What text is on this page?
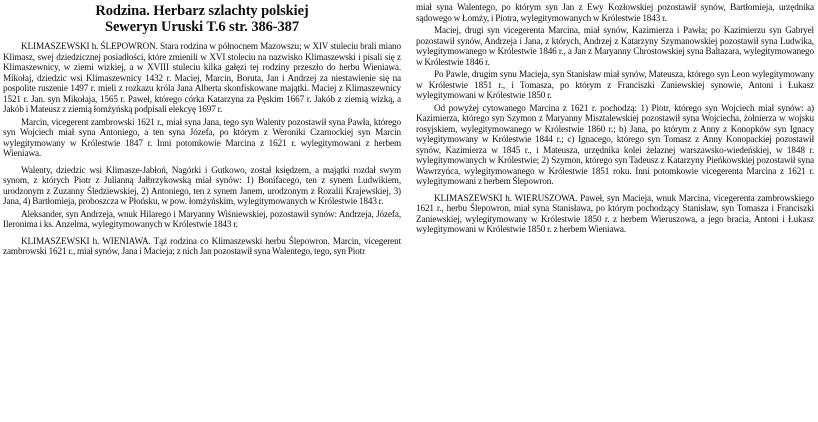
Rodzina. Herbarz szlachty polskiej
Seweryn Uruski T.6 str. 386-387

KLIMASZEWSKI h. ŚLEPOWRON. Stara rodzina w północnem Mazowszu; w XIV stuleciu brali miano Klimasz, swej dziedzicznej posiadłości, które zmienili w XVI stoleciu na nazwisko Klimaszewski i pisali się z Klimaszewnicy, w ziemi wizkiej, a w XVIII stuleciu kilka gałęzi tej rodziny przeszło do herbu Wieniawa. Mikołaj, dziedzic wsi Klimaszewnicy 1432 r. Maciej, Marcin, Boruta, Jan i Andrzej za niestawienie się na pospolite ruszenie 1497 r. mieli z rozkazu króla Jana Alberta skonfiskowane majątki. Maciej z Klimaszewnicy 1521 r. Jan. syn Mikołaja, 1565 r. Paweł, którego córka Katarzyna za Pęskim 1667 r. Jakób z ziemią wizką, a Jakób i Mateusz z ziemią łomżyńską podpisali elekcyę 1697 r.

Marcin, vicegerent zambrowski 1621 r., miał syna Jana, tego syn Walenty pozostawił syna Pawła, którego syn Wojciech miał syna Antoniego, a ten syna Józefa, po którym z Weroniki Czarnockiej syn Marcin wylegitymowany w Królestwie 1847 r. Inni potomkowie Marcina z 1621 r. wylegitymowani z herbem Wieniawa.

Walenty, dziedzic wsi Klimasze-Jabłoń, Nagórki i Gutkowo, został księdzem, a majątki rozdał swym synom, z których Piotr z Julianną Jałbrzykowską miał synów: 1) Bonifacego, ten z synem Ludwikiem, urodzonym z Zuzanny Śledziewskiej, 2) Antoniego, ten z synem Janem, urodzonym z Rozalii Krajewskiej, 3) Jana, 4) Bartłomieja, proboszcza w Płońsku, w pow. łomżyńskim, wylegitymowanych w Królestwie 1843 r.

Aleksander, syn Andrzeja, wnuk Hilarego i Maryanny Wiśniewskiej, pozostawił synów: Andrzeja, Józefa, Ileronima i ks. Anzelma, wylegitymowanych w Królestwie 1843 r.

KLIMASZEWSKI h. WIENIAWA. Tąż rodzina co Klimaszewski herbu Ślepowron. Marcin, vicegerent zambrowski 1621 r., miał synów, Jana i Macieja; z nich Jan pozostawił syna Walentego, tego, syn Piotr

miał syna Walentego, po którym syn Jan z Ewy Kozłowskiej pozostawił synów, Bartłomieja, urzędnika sądowego w Łomży, i Piotra, wylegitymowanych w Królestwie 1843 r.

Maciej, drugi syn vicegerenta Marcina, miał synów, Kazimierza i Pawła; po Kazimierzu syn Gabryel pozostawił synów, Andrzeja i Jana, z których, Andrzej z Katarzyny Szymanowskiej pozostawił syna Ludwika, wylegitymowanego w Królestwie 1846 r., a Jan z Maryanny Chrostowskiej syna Baltazara, wylegitymowanego w Królestwie 1846 r.

Po Pawle, drugim synu Macieja, syn Stanisław miał synów, Mateusza, którego syn Leon wylegitymowany w Królestwie 1851 r., i Tomasza, po którym z Franciszki Zaniewskiej synowie, Antoni i Łukasz wylegitymowani w Królestwie 1850 r.

Od powyżej cytowanego Marcina z 1621 r. pochodzą: 1) Piotr, którego syn Wojciech miał synów: a) Kazimierza, którego syn Szymon z Maryanny Misztalewskiej pozostawił syna Wojciecha, żołnierza w wojsku rosyjskiem, wylegitymowanego w Królestwie 1860 r.; b) Jana, po którym z Anny z Konopków syn Ignacy wylegitymowany w Królestwie 1844 r.; c) Ignacego, którego syn Tomasz z Anny Konopackiej pozostawił synów, Kazimierza w 1845 r., i Mateusza, urzędnika kolei żelaznej warszawsko-wiedeńskiej, w 1848 r. wylegitymowanych w Królestwie; 2) Szymon, którego syn Tadeusz z Katarzyny Pieńkowskiej pozostawił syna Wawrzyńca, wylegitymowanego w Królestwie 1851 roku. Inni potomkowie vicegerenta Marcina z 1621 r. wylegitymowani z herbem Ślepowron.

KLIMASZEWSKI h. WIERUSZOWA. Paweł, syn Macieja, wnuk Marcina, vicegerenta zambrowskiego 1621 r., herbu Ślepowron, miał syna Stanisława, po którym pochodzący Stanisław, syn Tomasza i Franciszki Zaniewskiej, wylegitymowany w Królestwie 1850 r. z herbem Wieruszowa, a jego bracia, Antoni i Łukasz wylegitymowani w Królestwie 1850 r. z herbem Wieniawa.
